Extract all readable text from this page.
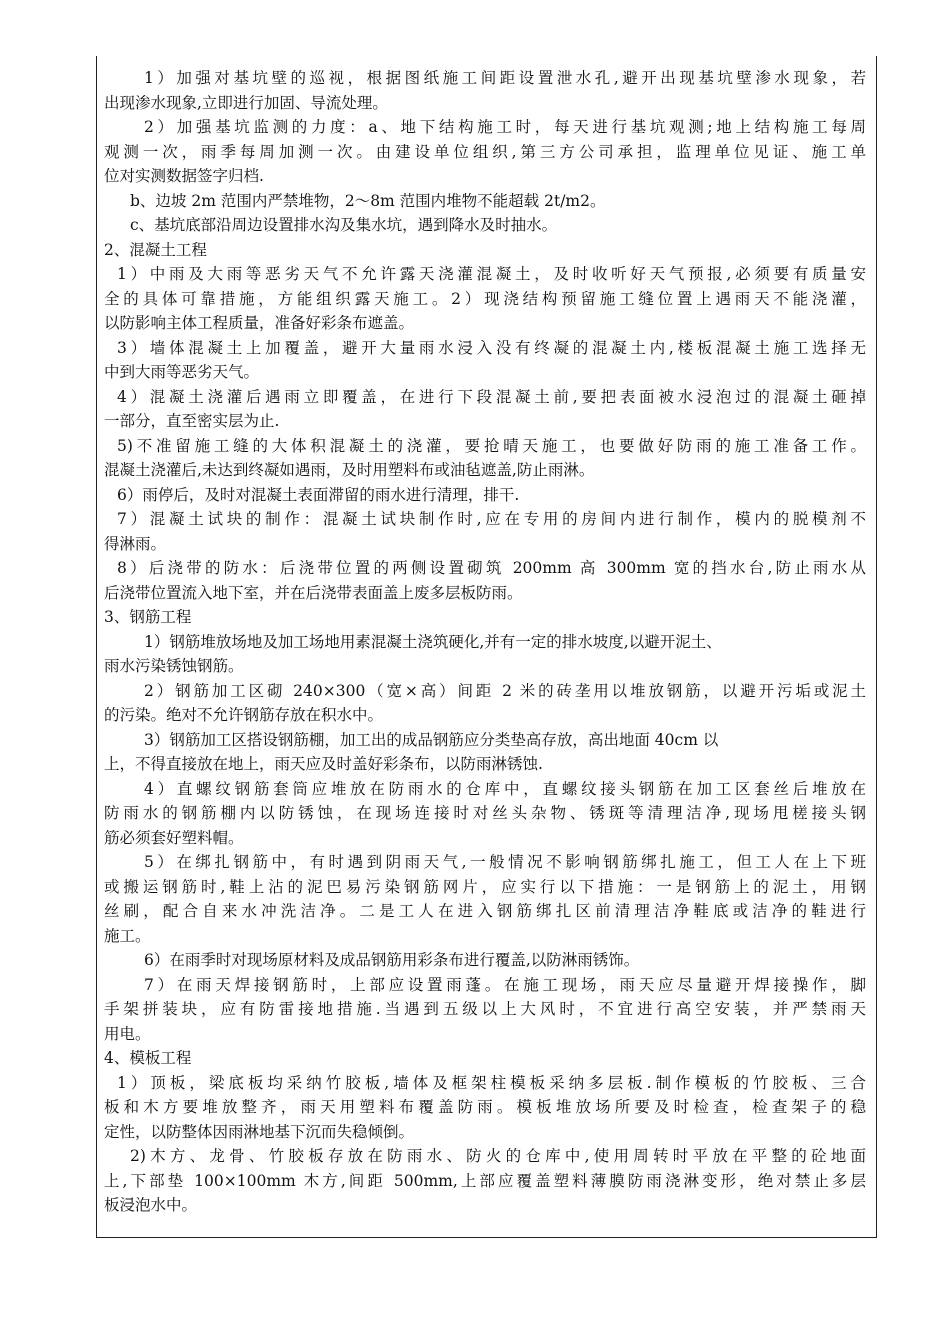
1）加强对基坑壁的巡视，根据图纸施工间距设置泄水孔,避开出现基坑壁渗水现象，若
出现渗水现象,立即进行加固、导流处理。
2）加强基坑监测的力度：a、地下结构施工时，每天进行基坑观测;地上结构施工每周
观测一次，雨季每周加测一次。由建设单位组织,第三方公司承担，监理单位见证、施工单
位对实测数据签字归档.
b、边坡 2m 范围内严禁堆物，2～8m 范围内堆物不能超载 2t/m2。
c、基坑底部沿周边设置排水沟及集水坑，遇到降水及时抽水。
2、混凝土工程
1）中雨及大雨等恶劣天气不允许露天浇灌混凝土，及时收听好天气预报,必须要有质量安
全的具体可靠措施，方能组织露天施工。2）现浇结构预留施工缝位置上遇雨天不能浇灌，
以防影响主体工程质量，准备好彩条布遮盖。
3）墙体混凝土上加覆盖，避开大量雨水浸入没有终凝的混凝土内,楼板混凝土施工选择无
中到大雨等恶劣天气。
4）混凝土浇灌后遇雨立即覆盖，在进行下段混凝土前,要把表面被水浸泡过的混凝土砸掉
一部分，直至密实层为止.
5)不准留施工缝的大体积混凝土的浇灌，要抢晴天施工，也要做好防雨的施工准备工作。
混凝土浇灌后,未达到终凝如遇雨，及时用塑料布或油毡遮盖,防止雨淋。
6）雨停后，及时对混凝土表面滞留的雨水进行清理，排干.
7）混凝土试块的制作：混凝土试块制作时,应在专用的房间内进行制作，模内的脱模剂不
得淋雨。
8）后浇带的防水：后浇带位置的两侧设置砌筑 200mm 高 300mm 宽的挡水台,防止雨水从
后浇带位置流入地下室，并在后浇带表面盖上废多层板防雨。
3、钢筋工程
1）钢筋堆放场地及加工场地用素混凝土浇筑硬化,并有一定的排水坡度,以避开泥土、
雨水污染锈蚀钢筋。
2）钢筋加工区砌 240×300（宽×高）间距 2 米的砖垄用以堆放钢筋，以避开污垢或泥土
的污染。绝对不允许钢筋存放在积水中。
3）钢筋加工区搭设钢筋棚，加工出的成品钢筋应分类垫高存放，高出地面 40cm 以
上，不得直接放在地上，雨天应及时盖好彩条布，以防雨淋锈蚀.
4）直螺纹钢筋套筒应堆放在防雨水的仓库中，直螺纹接头钢筋在加工区套丝后堆放在
防雨水的钢筋棚内以防锈蚀，在现场连接时对丝头杂物、锈斑等清理洁净,现场甩槎接头钢
筋必须套好塑料帽。
5）在绑扎钢筋中，有时遇到阴雨天气,一般情况不影响钢筋绑扎施工，但工人在上下班
或搬运钢筋时,鞋上沾的泥巴易污染钢筋网片，应实行以下措施：一是钢筋上的泥土，用钢
丝刷，配合自来水冲洗洁净。二是工人在进入钢筋绑扎区前清理洁净鞋底或洁净的鞋进行
施工。
6）在雨季时对现场原材料及成品钢筋用彩条布进行覆盖,以防淋雨锈饰。
7）在雨天焊接钢筋时，上部应设置雨蓬。在施工现场，雨天应尽量避开焊接操作，脚
手架拼装块，应有防雷接地措施.当遇到五级以上大风时，不宜进行高空安装，并严禁雨天
用电。
4、模板工程
1）顶板，梁底板均采纳竹胶板,墙体及框架柱模板采纳多层板.制作模板的竹胶板、三合
板和木方要堆放整齐，雨天用塑料布覆盖防雨。模板堆放场所要及时检查，检查架子的稳
定性，以防整体因雨淋地基下沉而失稳倾倒。
2)木方、龙骨、竹胶板存放在防雨水、防火的仓库中,使用周转时平放在平整的砼地面
上,下部垫 100×100mm 木方,间距 500mm,上部应覆盖塑料薄膜防雨浇淋变形，绝对禁止多层
板浸泡水中。
